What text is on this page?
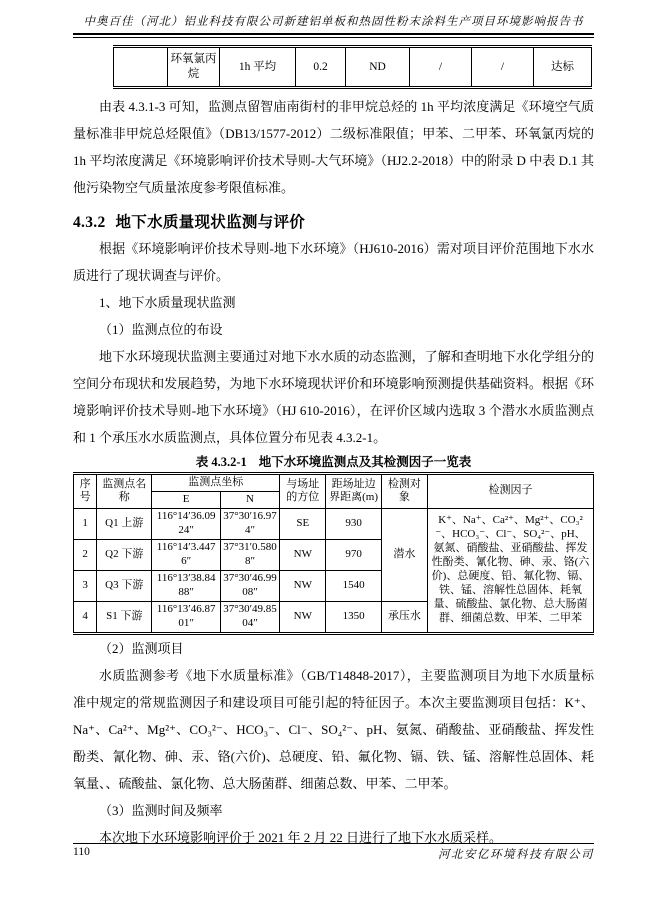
中奥百佳（河北）铝业科技有限公司新建铝单板和热固性粉末涂料生产项目环境影响报告书
	环氧氯丙烷	1h 平均	0.2	ND	/	/	达标

由表 4.3.1-3 可知，监测点留智庙南街村的非甲烷总烃的 1h 平均浓度满足《环境空气质量标准非甲烷总烃限值》（DB13/1577-2012）二级标准限值；甲苯、二甲苯、环氧氯丙烷的 1h 平均浓度满足《环境影响评价技术导则-大气环境》（HJ2.2-2018）中的附录 D 中表 D.1 其他污染物空气质量浓度参考限值标准。

4.3.2 地下水质量现状监测与评价

根据《环境影响评价技术导则-地下水环境》（HJ610-2016）需对项目评价范围地下水水质进行了现状调查与评价。

1、地下水质量现状监测

（1）监测点位的布设

地下水环境现状监测主要通过对地下水水质的动态监测，了解和查明地下水化学组分的空间分布现状和发展趋势，为地下水环境现状评价和环境影响预测提供基础资料。根据《环境影响评价技术导则-地下水环境》（HJ 610-2016），在评价区域内选取 3 个潜水水质监测点和 1 个承压水水质监测点，具体位置分布见表 4.3.2-1。

表 4.3.2-1 地下水环境监测点及其检测因子一览表
序号	监测点名称	监测点坐标		与场址的方位	距场址边界距离(m)	检测对象	检测因子
		E	N				
1	Q1 上游	116°14′36.0924″	37°30′16.974″	SE	930	潜水	K⁺、Na⁺、Ca²⁺、Mg²⁺、CO₃²⁻、HCO₃⁻、Cl⁻、SO₄²⁻、pH、氨氮、硝酸盐、亚硝酸盐、挥发性酚类、氰化物、砷、汞、铬(六价)、总硬度、铅、氟化物、镉、铁、锰、溶解性总固体、耗氧量、硫酸盐、氯化物、总大肠菌群、细菌总数、甲苯、二甲苯
2	Q2 下游	116°14′3.4476″	37°31′0.5808″	NW	970		
3	Q3 下游	116°13′38.8488″	37°30′46.9908″	NW	1540		
4	S1 下游	116°13′46.8701″	37°30′49.8504″	NW	1350	承压水	

（2）监测项目

水质监测参考《地下水质量标准》（GB/T14848-2017），主要监测项目为地下水质量标准中规定的常规监测因子和建设项目可能引起的特征因子。本次主要监测项目包括：K⁺、Na⁺、Ca²⁺、Mg²⁺、CO₃²⁻、HCO₃⁻、Cl⁻、SO₄²⁻、pH、氨氮、硝酸盐、亚硝酸盐、挥发性酚类、氰化物、砷、汞、铬(六价)、总硬度、铅、氟化物、镉、铁、锰、溶解性总固体、耗氧量、、硫酸盐、氯化物、总大肠菌群、细菌总数、甲苯、二甲苯。

（3）监测时间及频率

本次地下水环境影响评价于 2021 年 2 月 22 日进行了地下水水质采样。

110	河北安亿环境科技有限公司
